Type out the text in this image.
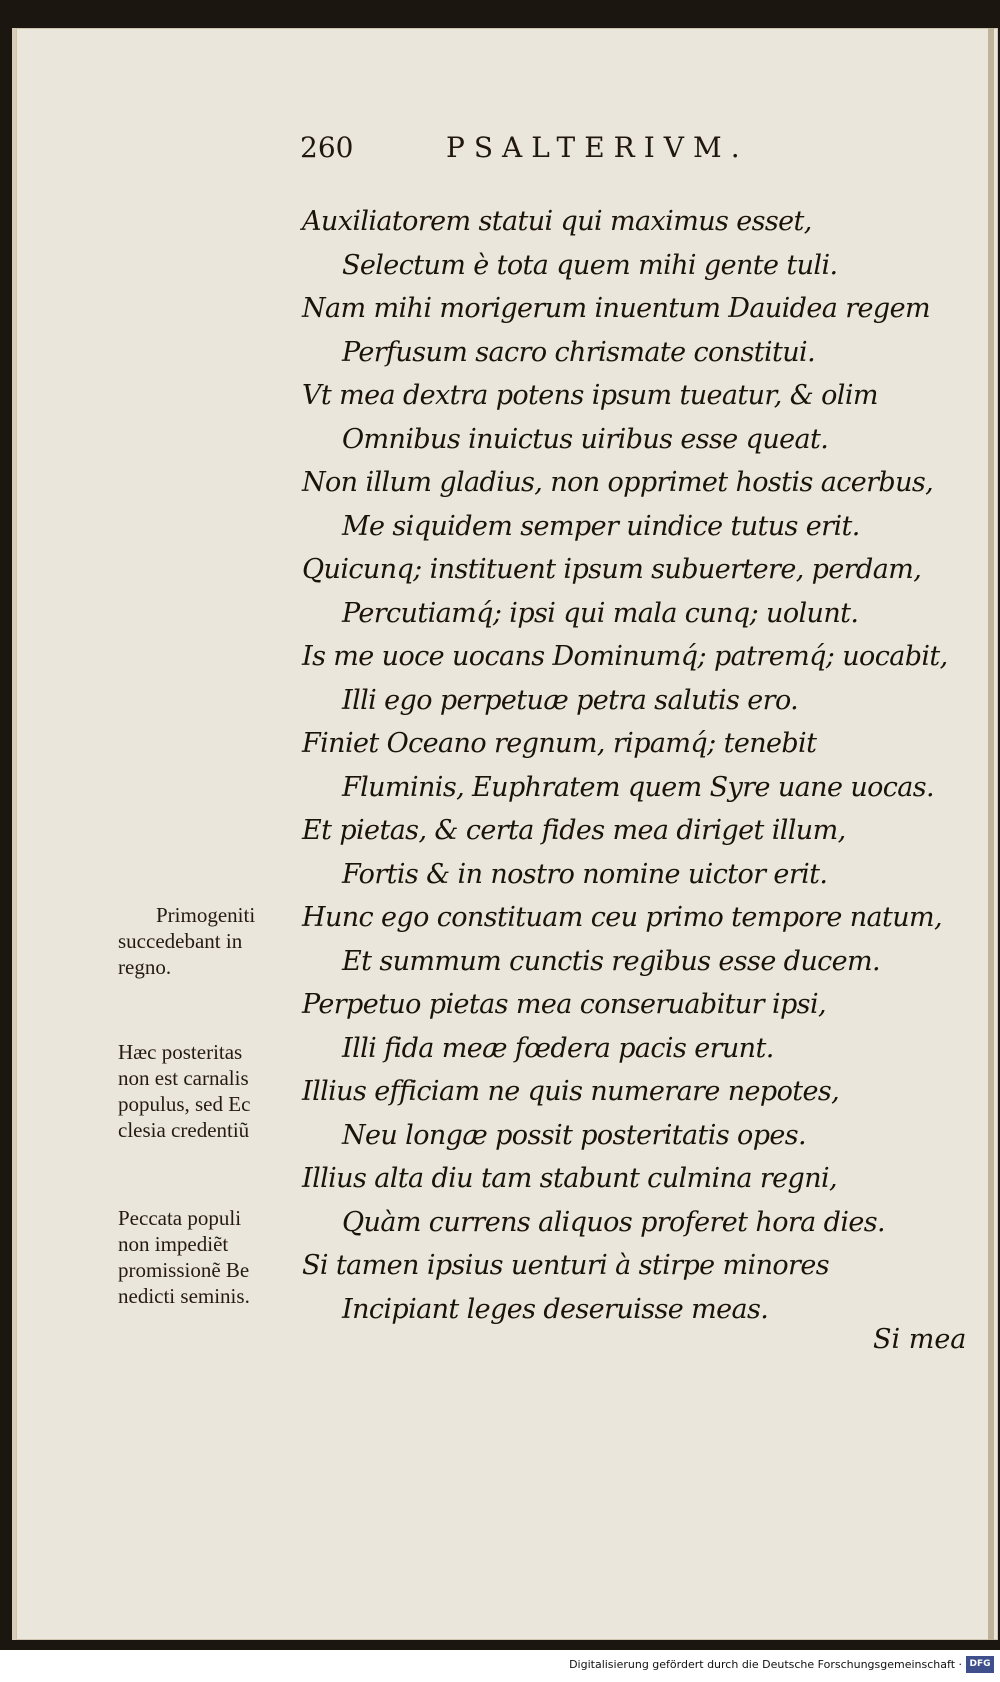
260	PSALTERIVM.
Auxiliatorem statui qui maximus esset,
Selectum è tota quem mihi gente tuli.
Nam mihi morigerum inuentum Dauidea regem
Perfusum sacro chrismate constitui.
Vt mea dextra potens ipsum tueatur, & olim
Omnibus inuictus uiribus esse queat.
Non illum gladius, non opprimet hostis acerbus,
Me siquidem semper uindice tutus erit.
Quicunq; instituent ipsum subuertere, perdam,
Percutiamq́; ipsi qui mala cunq; uolunt.
Is me uoce uocans Dominumq́; patremq́; uocabit,
Illi ego perpetuæ petra salutis ero.
Finiet Oceano regnum, ripamq́; tenebit
Fluminis, Euphratem quem Syre uane uocas.
Et pietas, & certa fides mea diriget illum,
Fortis & in nostro nomine uictor erit.
Hunc ego constituam ceu primo tempore natum,
Et summum cunctis regibus esse ducem.
Perpetuo pietas mea conseruabitur ipsi,
Illi fida meæ fœdera pacis erunt.
Illius efficiam ne quis numerare nepotes,
Neu longæ possit posteritatis opes.
Illius alta diu tam stabunt culmina regni,
Quàm currens aliquos proferet hora dies.
Si tamen ipsius uenturi à stirpe minores
Incipiant leges deseruisse meas.

Primogeniti
succedebant in
regno.

Hæc posteritas
non est carnalis
populus, sed Ec
clesia credentiũ

Peccata populi
non impediẽt
promissionẽ Be
nedicti seminis.

Si mea
Digitalisierung gefördert durch die Deutsche Forschungsgemeinschaft · DFG
